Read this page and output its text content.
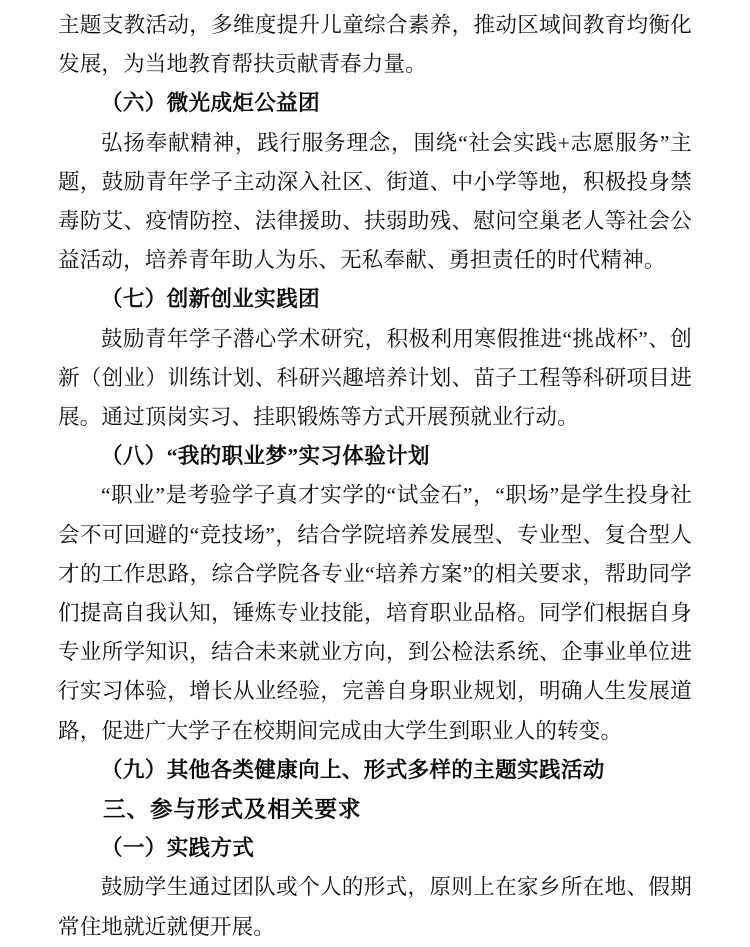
主题支教活动，多维度提升儿童综合素养，推动区域间教育均衡化发展，为当地教育帮扶贡献青春力量。

（六）微光成炬公益团

弘扬奉献精神，践行服务理念，围绕“社会实践+志愿服务”主题，鼓励青年学子主动深入社区、街道、中小学等地，积极投身禁毒防艾、疫情防控、法律援助、扶弱助残、慰问空巢老人等社会公益活动，培养青年助人为乐、无私奉献、勇担责任的时代精神。

（七）创新创业实践团

鼓励青年学子潜心学术研究，积极利用寒假推进“挑战杯”、创新（创业）训练计划、科研兴趣培养计划、苗子工程等科研项目进展。通过顶岗实习、挂职锻炼等方式开展预就业行动。

（八）“我的职业梦”实习体验计划

“职业”是考验学子真才实学的“试金石”，“职场”是学生投身社会不可回避的“竞技场”，结合学院培养发展型、专业型、复合型人才的工作思路，综合学院各专业“培养方案”的相关要求，帮助同学们提高自我认知，锤炼专业技能，培育职业品格。同学们根据自身专业所学知识，结合未来就业方向，到公检法系统、企事业单位进行实习体验，增长从业经验，完善自身职业规划，明确人生发展道路，促进广大学子在校期间完成由大学生到职业人的转变。

（九）其他各类健康向上、形式多样的主题实践活动

三、参与形式及相关要求

（一）实践方式

鼓励学生通过团队或个人的形式，原则上在家乡所在地、假期常住地就近就便开展。
